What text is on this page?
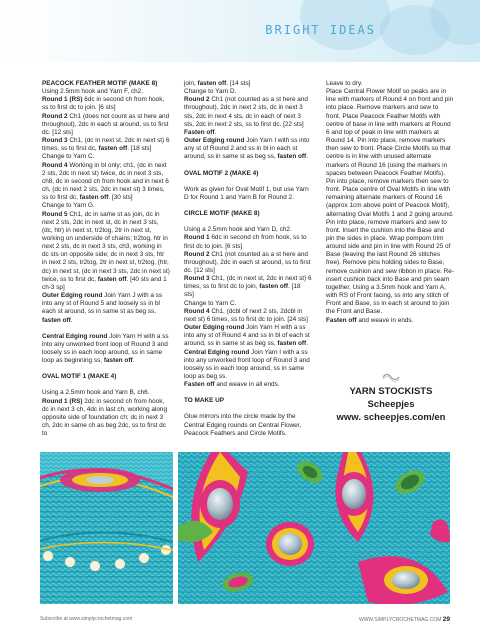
BRIGHT IDEAS

PEACOCK FEATHER MOTIF (MAKE 8)

Using 2.5mm hook and Yarn F, ch2.

Round 1 (RS) 6dc in second ch from hook, ss to first dc to join. [6 sts]

Round 2 Ch1 (does not count as st here and throughout), 2dc in each st around, ss to first dc. [12 sts]

Round 3 Ch1, (dc in next st, 2dc in next st) 6 times, ss to first dc, fasten off. [18 sts]

Change to Yarn C.

Round 4 Working in bl only; ch1, (dc in next 2 sts, 2dc in next st) twice, dc in next 3 sts, ch8, dc in second ch from hook and in next 6 ch, (dc in next 2 sts, 2dc in next st) 3 times, ss to first dc, fasten off. [30 sts]

Change to Yarn G.

Round 5 Ch1, dc in same st as join, dc in next 2 sts, 2dc in next st, dc in next 3 sts, (dc, htr) in next st, tr2tog, 2tr in next st, working on underside of chains; tr2tog, htr in next 2 sts, dc in next 3 sts, ch3, working in dc sts on opposite side; dc in next 3 sts, htr in next 2 sts, tr2tog, 2tr in next st, tr2tog, (htr, dc) in next st, (dc in next 3 sts, 2dc in next st) twice, ss to first dc, fasten off. [40 sts and 1 ch-3 sp]

Outer Edging round Join Yarn J with a ss into any st of Round 5 and loosely ss in bl each st around, ss in same st as beg ss, fasten off.

Central Edging round Join Yarn H with a ss into any unworked front loop of Round 3 and loosely ss in each loop around, ss in same loop as beginning ss, fasten off.

OVAL MOTIF 1 (MAKE 4)

Using a 2.5mm hook and Yarn B, ch6.

Round 1 (RS) 2dc in second ch from hook, dc in next 3 ch, 4dc in last ch, working along opposite side of foundation ch; dc in next 3 ch, 2dc in same ch as beg 2dc, ss to first dc to

join, fasten off. [14 sts]

Change to Yarn D.

Round 2 Ch1 (not counted as a st here and throughout), 2dc in next 2 sts, dc in next 3 sts, 2dc in next 4 sts, dc in each of next 3 sts, 2dc in next 2 sts, ss to first dc. [22 sts]

Fasten off.

Outer Edging round Join Yarn I with ss into any st of Round 2 and ss in bl in each st around, ss in same st as beg ss, fasten off.

OVAL MOTIF 2 (MAKE 4)

Work as given for Oval Motif 1, but use Yarn D for Round 1 and Yarn B for Round 2.

CIRCLE MOTIF (MAKE 8)

Using a 2.5mm hook and Yarn D, ch2.

Round 1 6dc in second ch from hook, ss to first dc to join. [6 sts]

Round 2 Ch1 (not counted as a st here and throughout), 2dc in each st around, ss to first dc. [12 sts]

Round 3 Ch1, (dc in next st, 2dc in next st) 6 times, ss to first dc to join, fasten off. [18 sts]

Change to Yarn C.

Round 4 Ch1, (dcbl of next 2 sts, 2dcbl in next st) 6 times, ss to first dc to join. [24 sts]

Outer Edging round Join Yarn H with a ss into any st of Round 4 and ss in bl of each st around, ss in same st as beg ss, fasten off.

Central Edging round Join Yarn I with a ss into any unworked front loop of Round 3 and loosely ss in each loop around, ss in same loop as beg ss.

Fasten off and weave in all ends.

TO MAKE UP

Glue mirrors into the circle made by the Central Edging rounds on Central Flower, Peacock Feathers and Circle Motifs.

Leave to dry.

Place Central Flower Motif so peaks are in line with markers of Round 4 on front and pin into place. Remove markers and sew to front. Place Peacock Feather Motifs with centre of base in line with markers at Round 6 and top of peak in line with markers at Round 14. Pin into place, remove markers then sew to front. Place Circle Motifs so that centre is in line with unused alternate markers of Round 16 (using the markers in spaces between Peacock Feather Motifs). Pin into place, remove markers then sew to front. Place centre of Oval Motifs in line with remaining alternate markers of Round 16 (approx 1cm above point of Peacock Motif), alternating Oval Motifs 1 and 2 going around. Pin into place, remove markers and sew to front. Insert the cushion into the Base and pin the sides in place. Wrap pompom trim around side and pin in line with Round 25 of Base (leaving the last Round 26 stitches free). Remove pins holding sides to Base, remove cushion and sew ribbon in place. Re-insert cushion back into Base and pin seam together. Using a 3.5mm hook and Yarn A, with RS of Front facing, ss into any stitch of Front and Base, ss in each st around to join the Front and Base.

Fasten off and weave in ends.

YARN STOCKISTS
Scheepjes
www. scheepjes.com/en
Subscribe at www.simplycrochetmag.com	WWW.SIMPLYCROCHETMAG.COM 29
